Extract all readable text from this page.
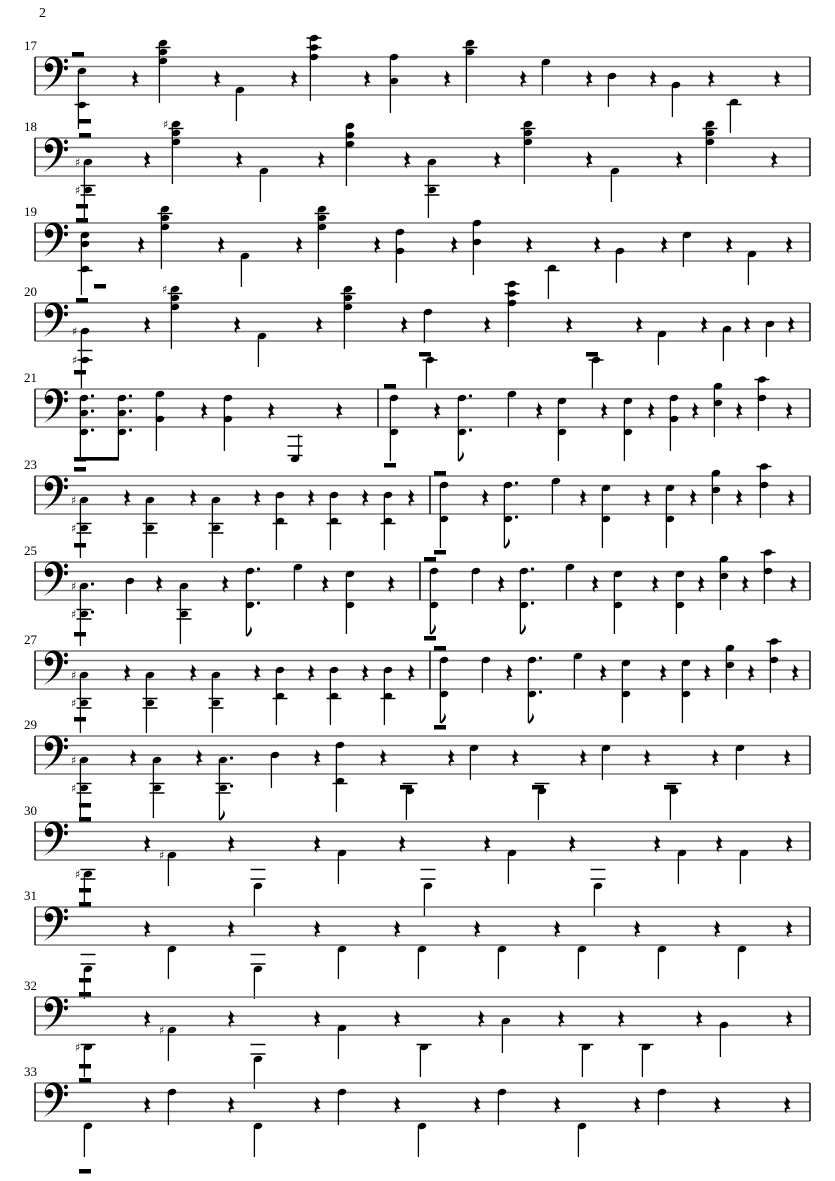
2
17
18
♯
♯
♯
19
20
♯
♯
♯
21
23
♯
♯
25
♯
♯
27
♯
♯
29
♯
♯
30
♯
♯
31
32
♯
♯
33
